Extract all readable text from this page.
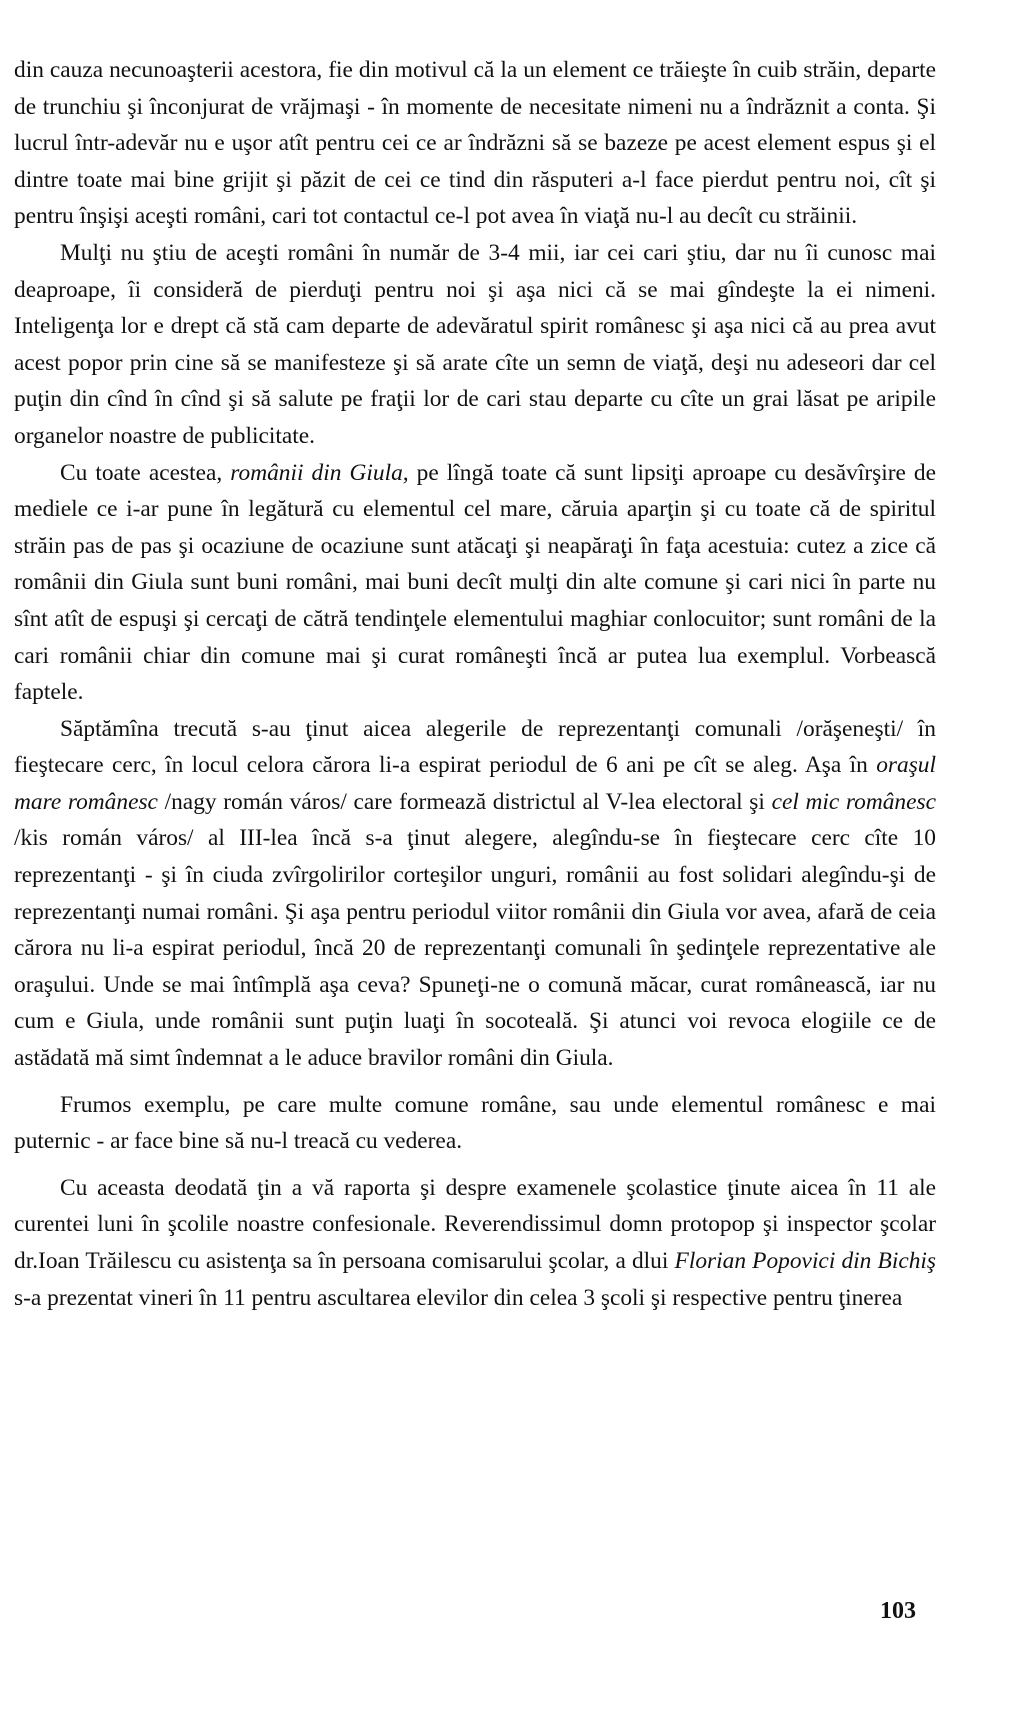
din cauza necunoaşterii acestora, fie din motivul că la un element ce trăieşte în cuib străin, departe de trunchiu şi înconjurat de vrăjmaşi - în momente de necesitate nimeni nu a îndrăznit a conta. Şi lucrul într-adevăr nu e uşor atît pentru cei ce ar îndrăzni să se bazeze pe acest element espus şi el dintre toate mai bine grijit şi păzit de cei ce tind din răsputeri a-l face pierdut pentru noi, cît şi pentru înşişi aceşti români, cari tot contactul ce-l pot avea în viaţă nu-l au decît cu străinii.

Mulţi nu ştiu de aceşti români în număr de 3-4 mii, iar cei cari ştiu, dar nu îi cunosc mai deaproape, îi consideră de pierduţi pentru noi şi aşa nici că se mai gîndeşte la ei nimeni. Inteligenţa lor e drept că stă cam departe de adevăratul spirit românesc şi aşa nici că au prea avut acest popor prin cine să se manifesteze şi să arate cîte un semn de viaţă, deşi nu adeseori dar cel puţin din cînd în cînd şi să salute pe fraţii lor de cari stau departe cu cîte un grai lăsat pe aripile organelor noastre de publicitate.

Cu toate acestea, românii din Giula, pe lîngă toate că sunt lipsiţi aproape cu desăvîrşire de mediele ce i-ar pune în legătură cu elementul cel mare, căruia aparţin şi cu toate că de spiritul străin pas de pas şi ocaziune de ocaziune sunt atăcaţi şi neapăraţi în faţa acestuia: cutez a zice că românii din Giula sunt buni români, mai buni decît mulţi din alte comune şi cari nici în parte nu sînt atît de espuşi şi cercaţi de cătră tendinţele elementului maghiar conlocuitor; sunt români de la cari românii chiar din comune mai şi curat româneşti încă ar putea lua exemplul. Vorbească faptele.

Săptămîna trecută s-au ţinut aicea alegerile de reprezentanţi comunali /orăşeneşti/ în fieştecare cerc, în locul celora cărora li-a espirat periodul de 6 ani pe cît se aleg. Aşa în oraşul mare românesc /nagy román város/ care formează districtul al V-lea electoral şi cel mic românesc /kis román város/ al III-lea încă s-a ţinut alegere, alegîndu-se în fieştecare cerc cîte 10 reprezentanţi - şi în ciuda zvîrgolirilor corteşilor unguri, românii au fost solidari alegîndu-şi de reprezentanţi numai români. Şi aşa pentru periodul viitor românii din Giula vor avea, afară de ceia cărora nu li-a espirat periodul, încă 20 de reprezentanţi comunali în şedinţele reprezentative ale oraşului. Unde se mai întîmplă aşa ceva? Spuneţi-ne o comună măcar, curat românească, iar nu cum e Giula, unde românii sunt puţin luaţi în socoteală. Şi atunci voi revoca elogiile ce de astădată mă simt îndemnat a le aduce bravilor români din Giula.

Frumos exemplu, pe care multe comune române, sau unde elementul românesc e mai puternic - ar face bine să nu-l treacă cu vederea.

Cu aceasta deodată ţin a vă raporta şi despre examenele şcolastice ţinute aicea în 11 ale curentei luni în şcolile noastre confesionale. Reverendissimul domn protopop şi inspector şcolar dr.Ioan Trăilescu cu asistenţa sa în persoana comisarului şcolar, a dlui Florian Popovici din Bichiş s-a prezentat vineri în 11 pentru ascultarea elevilor din celea 3 şcoli şi respective pentru ţinerea

103
